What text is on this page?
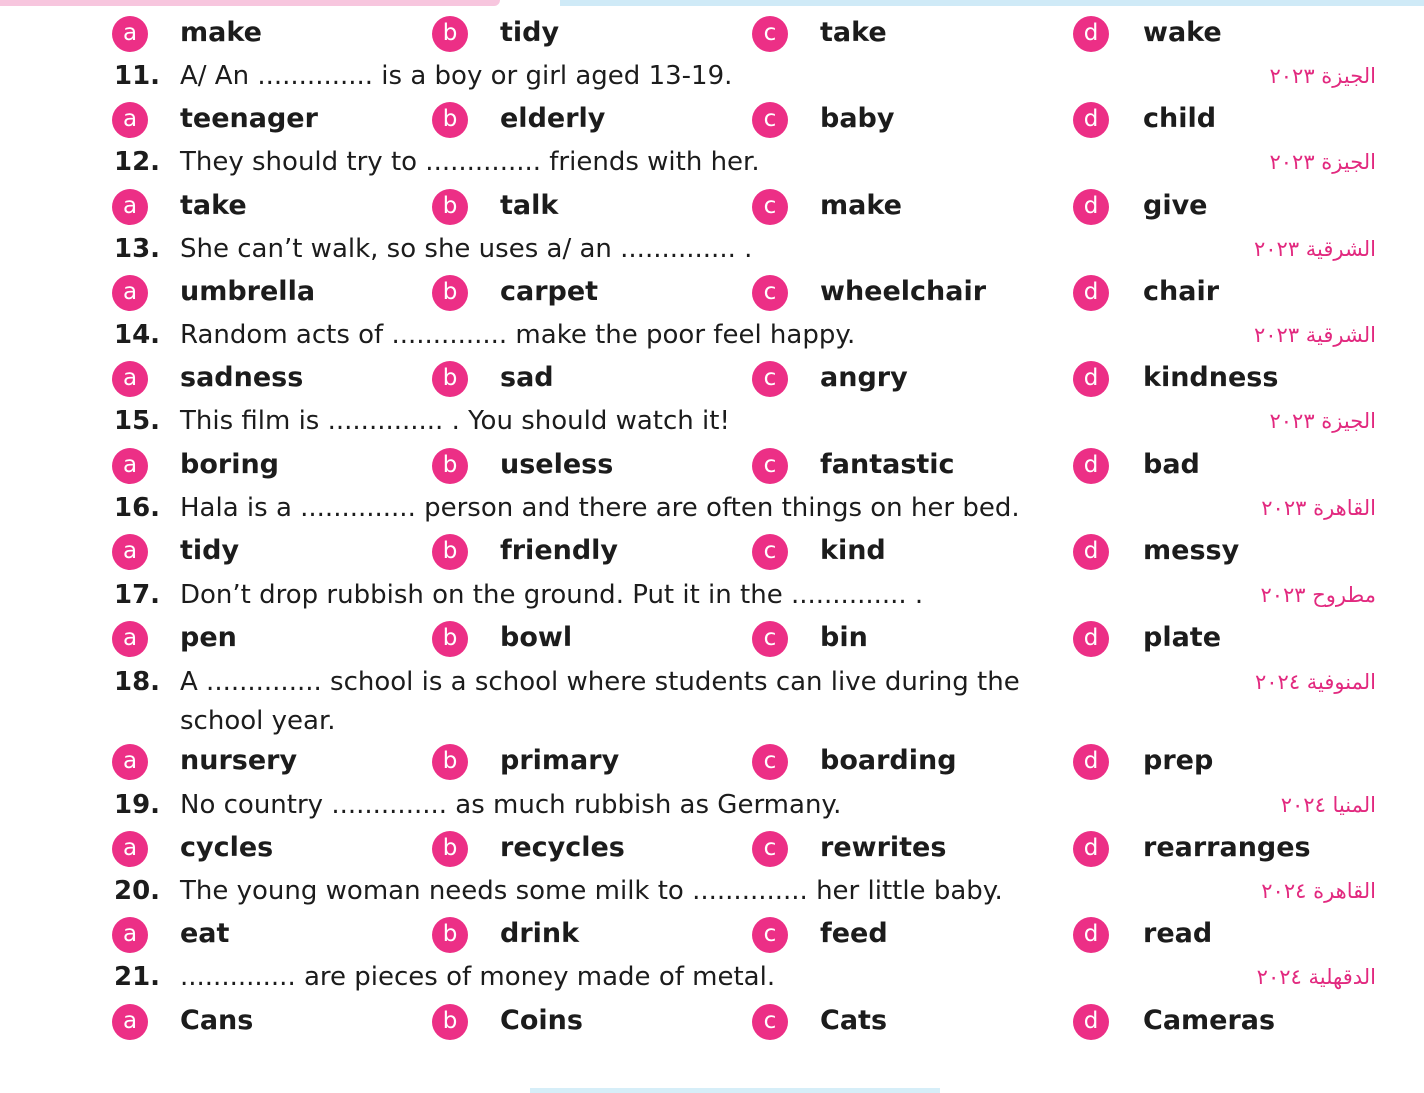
a	make	b	tidy	c	take	d	wake
11. A/ An .............. is a boy or girl aged 13-19.	الجيزة ٢٠٢٣
a	teenager	b	elderly	c	baby	d	child
12. They should try to .............. friends with her.	الجيزة ٢٠٢٣
a	take	b	talk	c	make	d	give
13. She can’t walk, so she uses a/ an .............. .	الشرقية ٢٠٢٣
a	umbrella	b	carpet	c	wheelchair	d	chair
14. Random acts of .............. make the poor feel happy.	الشرقية ٢٠٢٣
a	sadness	b	sad	c	angry	d	kindness
15. This film is .............. . You should watch it!	الجيزة ٢٠٢٣
a	boring	b	useless	c	fantastic	d	bad
16. Hala is a .............. person and there are often things on her bed.	القاهرة ٢٠٢٣
a	tidy	b	friendly	c	kind	d	messy
17. Don’t drop rubbish on the ground. Put it in the .............. .	مطروح ٢٠٢٣
a	pen	b	bowl	c	bin	d	plate
18. A .............. school is a school where students can live during the school year.
المنوفية ٢٠٢٤
a	nursery	b	primary	c	boarding	d	prep
19. No country .............. as much rubbish as Germany.	المنيا ٢٠٢٤
a	cycles	b	recycles	c	rewrites	d	rearranges
20. The young woman needs some milk to .............. her little baby.	القاهرة ٢٠٢٤
a	eat	b	drink	c	feed	d	read
21. .............. are pieces of money made of metal.	الدقهلية ٢٠٢٤
a	Cans	b	Coins	c	Cats	d	Cameras
